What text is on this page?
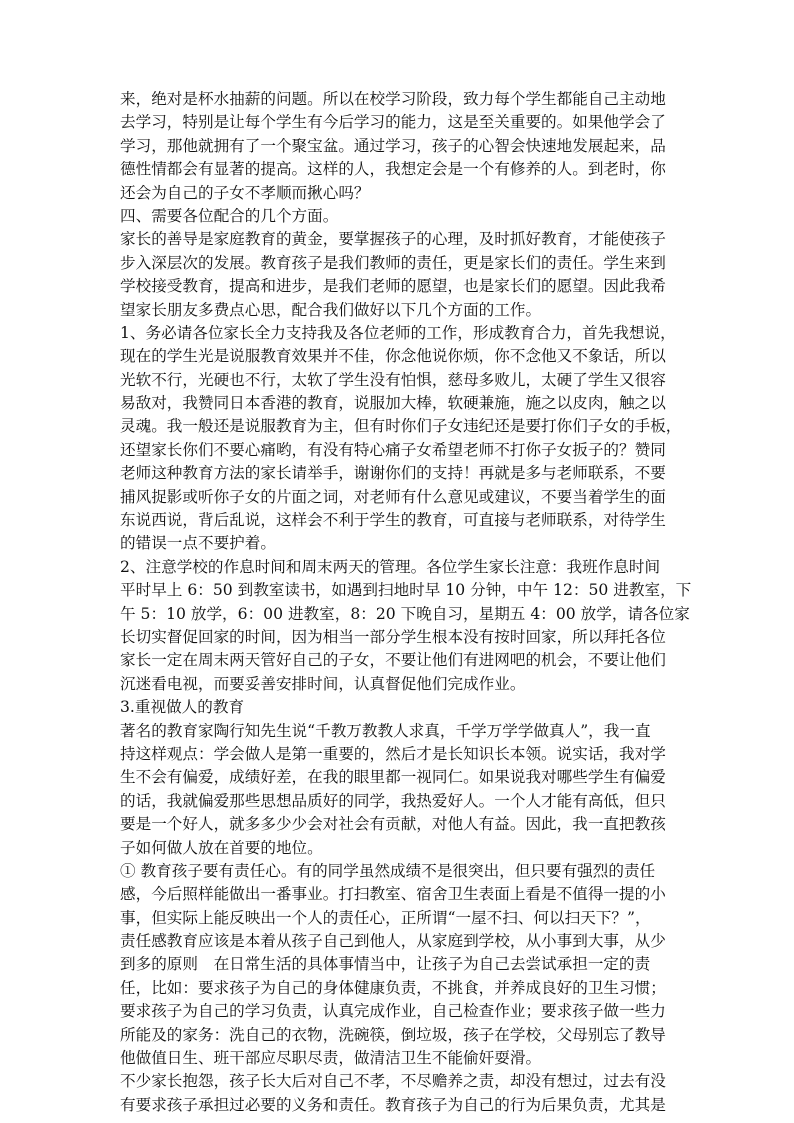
来，绝对是杯水抽薪的问题。所以在校学习阶段，致力每个学生都能自己主动地
去学习，特别是让每个学生有今后学习的能力，这是至关重要的。如果他学会了
学习，那他就拥有了一个聚宝盆。通过学习，孩子的心智会快速地发展起来，品
德性情都会有显著的提高。这样的人，我想定会是一个有修养的人。到老时，你
还会为自己的子女不孝顺而揪心吗？
四、需要各位配合的几个方面。
家长的善导是家庭教育的黄金，要掌握孩子的心理，及时抓好教育，才能使孩子
步入深层次的发展。教育孩子是我们教师的责任，更是家长们的责任。学生来到
学校接受教育，提高和进步，是我们老师的愿望，也是家长们的愿望。因此我希
望家长朋友多费点心思，配合我们做好以下几个方面的工作。
1、务必请各位家长全力支持我及各位老师的工作，形成教育合力，首先我想说，
现在的学生光是说服教育效果并不佳，你念他说你烦，你不念他又不象话，所以
光软不行，光硬也不行，太软了学生没有怕惧，慈母多败儿，太硬了学生又很容
易敌对，我赞同日本香港的教育，说服加大棒，软硬兼施，施之以皮肉，触之以
灵魂。我一般还是说服教育为主，但有时你们子女违纪还是要打你们子女的手板，
还望家长你们不要心痛哟，有没有特心痛子女希望老师不打你子女扳子的？赞同
老师这种教育方法的家长请举手，谢谢你们的支持！再就是多与老师联系，不要
捕风捉影或听你子女的片面之词，对老师有什么意见或建议，不要当着学生的面
东说西说，背后乱说，这样会不利于学生的教育，可直接与老师联系，对待学生
的错误一点不要护着。
2、注意学校的作息时间和周末两天的管理。各位学生家长注意：我班作息时间
平时早上 6：50 到教室读书，如遇到扫地时早 10 分钟，中午 12：50 进教室，下
午 5：10 放学，6：00 进教室，8：20 下晚自习，星期五 4：00 放学，请各位家
长切实督促回家的时间，因为相当一部分学生根本没有按时回家，所以拜托各位
家长一定在周末两天管好自己的子女，不要让他们有进网吧的机会，不要让他们
沉迷看电视，而要妥善安排时间，认真督促他们完成作业。
3.重视做人的教育
著名的教育家陶行知先生说“千教万教教人求真，千学万学学做真人”，我一直
持这样观点：学会做人是第一重要的，然后才是长知识长本领。说实话，我对学
生不会有偏爱，成绩好差，在我的眼里都一视同仁。如果说我对哪些学生有偏爱
的话，我就偏爱那些思想品质好的同学，我热爱好人。一个人才能有高低，但只
要是一个好人，就多多少少会对社会有贡献，对他人有益。因此，我一直把教孩
子如何做人放在首要的地位。
① 教育孩子要有责任心。有的同学虽然成绩不是很突出，但只要有强烈的责任
感，今后照样能做出一番事业。打扫教室、宿舍卫生表面上看是不值得一提的小
事，但实际上能反映出一个人的责任心，正所谓“一屋不扫、何以扫天下？”，
责任感教育应该是本着从孩子自己到他人，从家庭到学校，从小事到大事，从少
到多的原则　在日常生活的具体事情当中，让孩子为自己去尝试承担一定的责
任，比如：要求孩子为自己的身体健康负责，不挑食，并养成良好的卫生习惯；
要求孩子为自己的学习负责，认真完成作业，自己检查作业；要求孩子做一些力
所能及的家务：洗自己的衣物，洗碗筷，倒垃圾，孩子在学校，父母别忘了教导
他做值日生、班干部应尽职尽责，做清洁卫生不能偷奸耍滑。
不少家长抱怨，孩子长大后对自己不孝，不尽赡养之责，却没有想过，过去有没
有要求孩子承担过必要的义务和责任。教育孩子为自己的行为后果负责，尤其是
